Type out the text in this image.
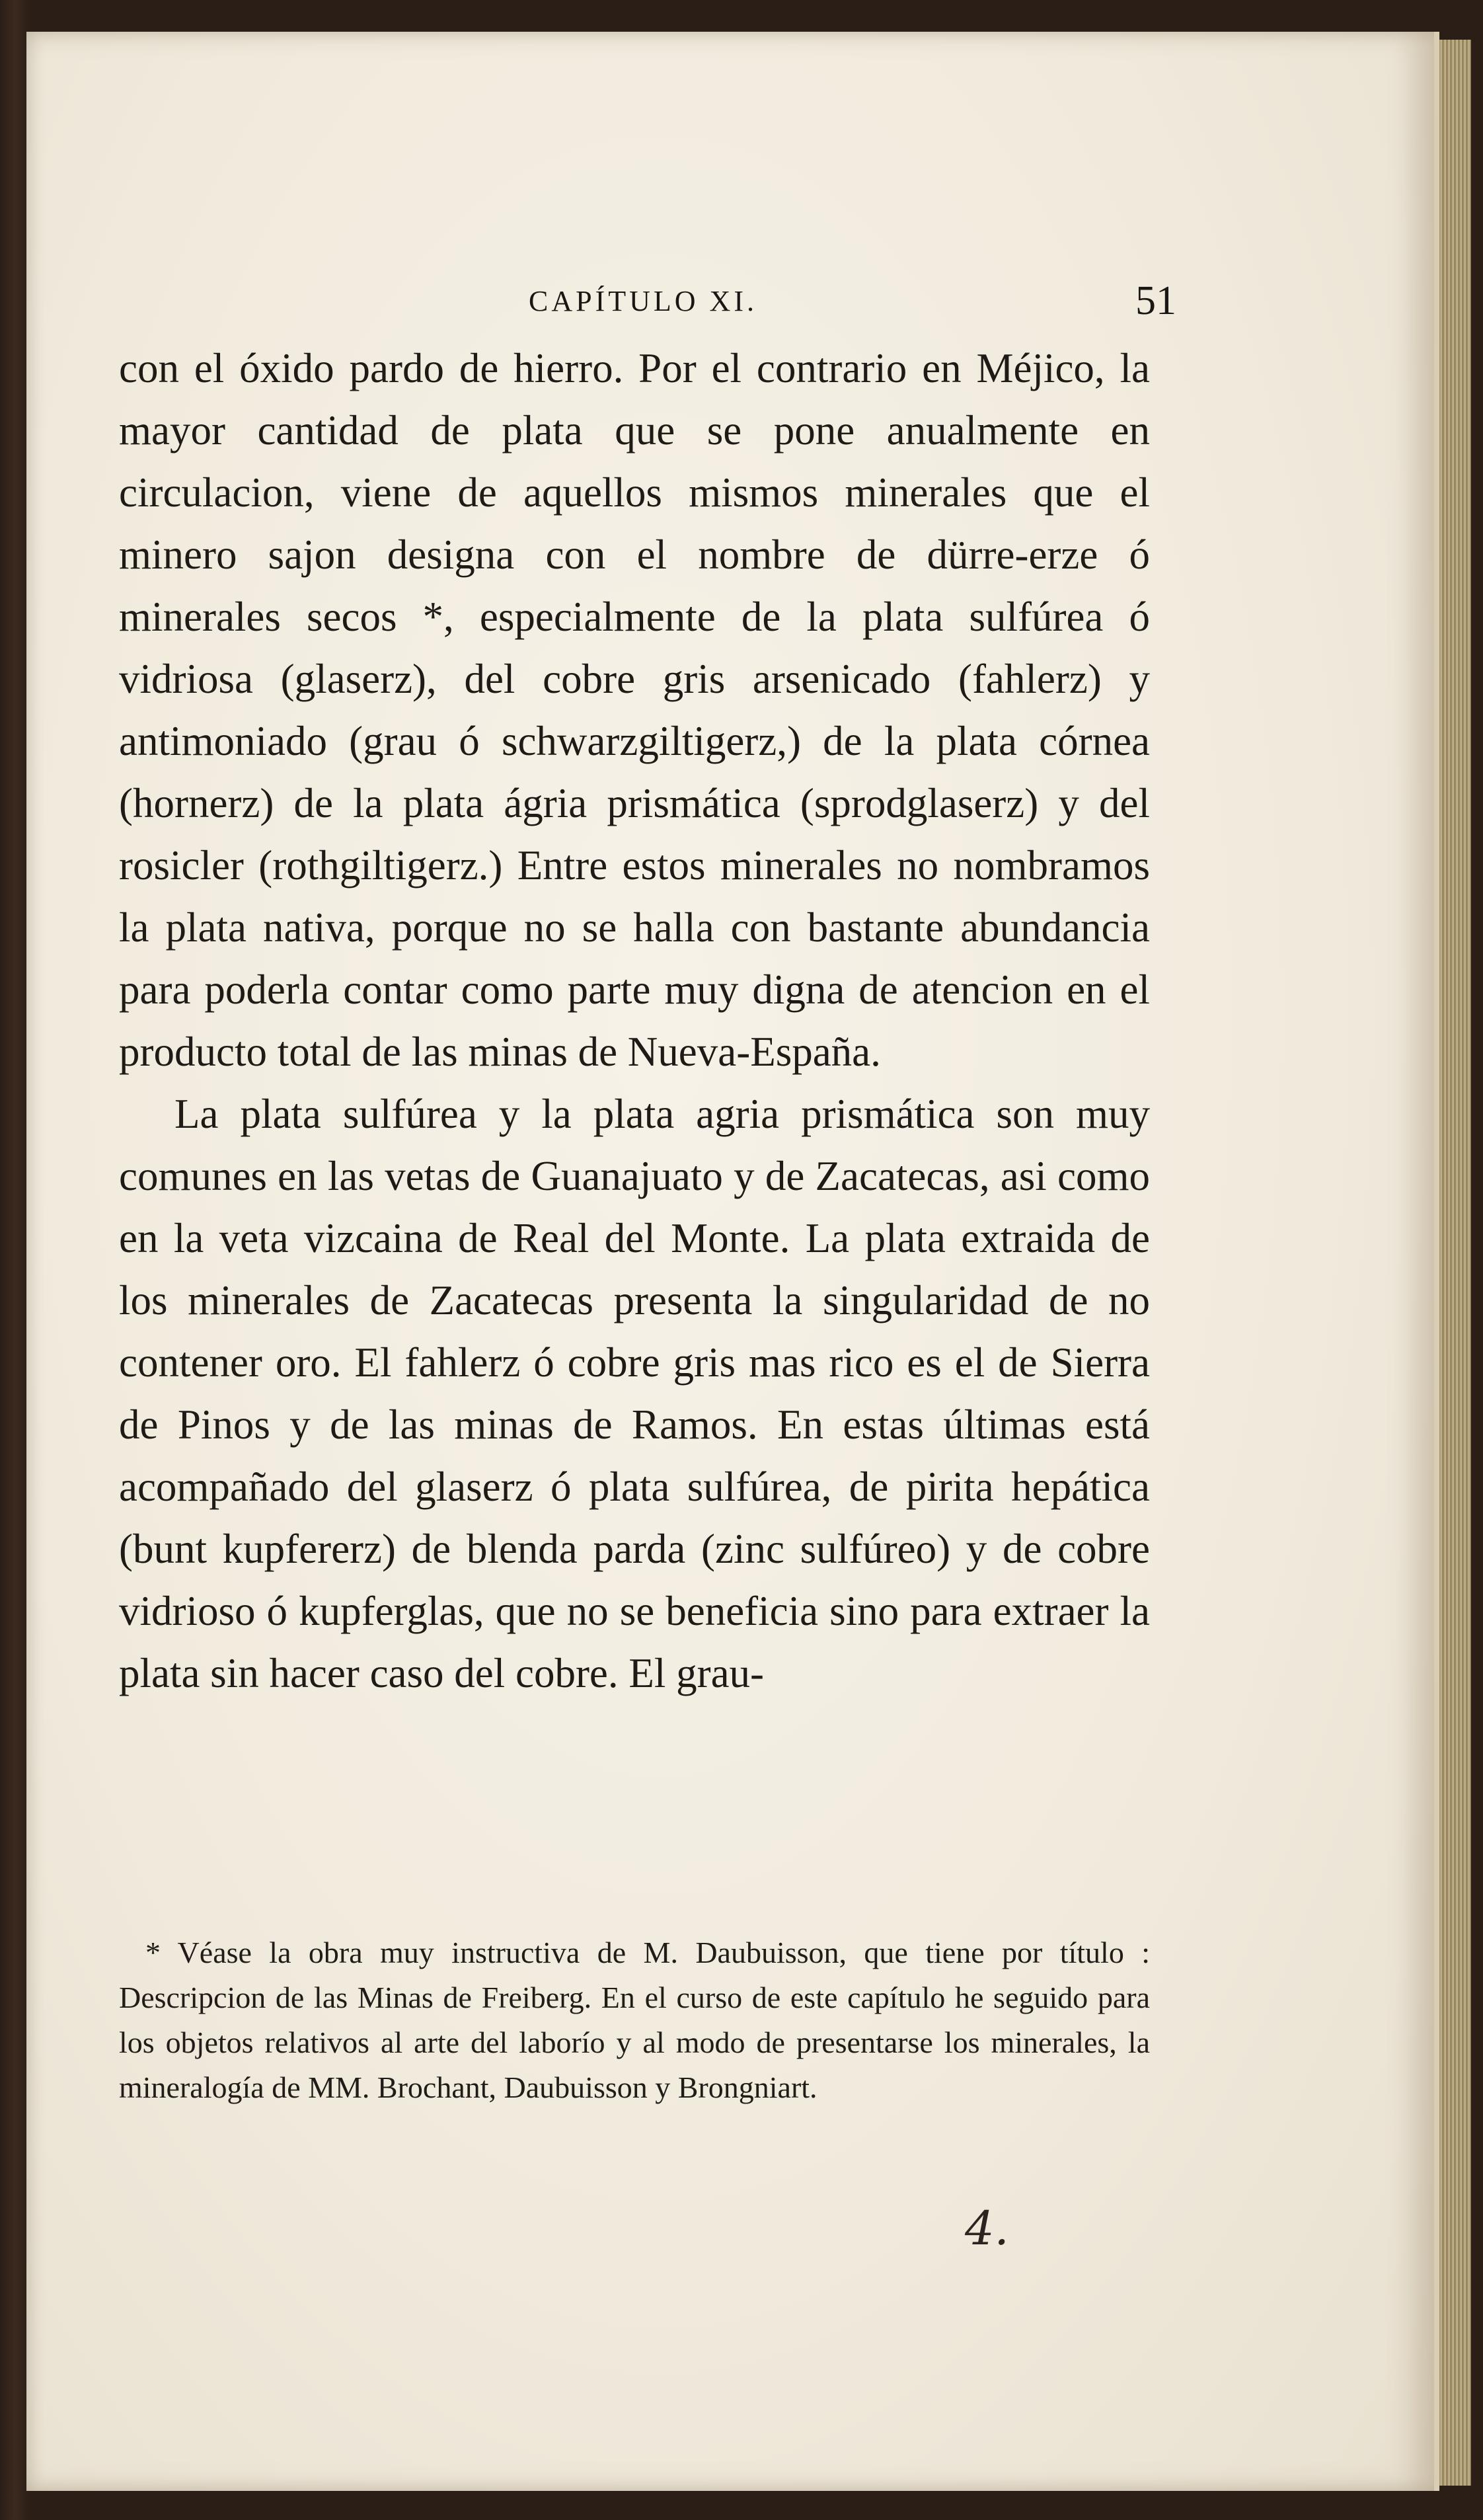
CAPÍTULO XI.	51

con el óxido pardo de hierro. Por el contrario en Méjico, la mayor cantidad de plata que se pone anualmente en circulacion, viene de aquellos mismos minerales que el minero sajon designa con el nombre de dürre-erze ó minerales secos *, especialmente de la plata sulfúrea ó vidriosa (glaserz), del cobre gris arsenicado (fahlerz) y antimoniado (grau ó schwarzgiltigerz,) de la plata córnea (hornerz) de la plata ágria prismática (sprodglaserz) y del rosicler (rothgiltigerz.) Entre estos minerales no nombramos la plata nativa, porque no se halla con bastante abundancia para poderla contar como parte muy digna de atencion en el producto total de las minas de Nueva-España.

La plata sulfúrea y la plata agria prismática son muy comunes en las vetas de Guanajuato y de Zacatecas, asi como en la veta vizcaina de Real del Monte. La plata extraida de los minerales de Zacatecas presenta la singularidad de no contener oro. El fahlerz ó cobre gris mas rico es el de Sierra de Pinos y de las minas de Ramos. En estas últimas está acompañado del glaserz ó plata sulfúrea, de pirita hepática (bunt kupfererz) de blenda parda (zinc sulfúreo) y de cobre vidrioso ó kupferglas, que no se beneficia sino para extraer la plata sin hacer caso del cobre. El grau-

* Véase la obra muy instructiva de M. Daubuisson, que tiene por título : Descripcion de las Minas de Freiberg. En el curso de este capítulo he seguido para los objetos relativos al arte del laborío y al modo de presentarse los minerales, la mineralogía de MM. Brochant, Daubuisson y Brongniart.

4.
